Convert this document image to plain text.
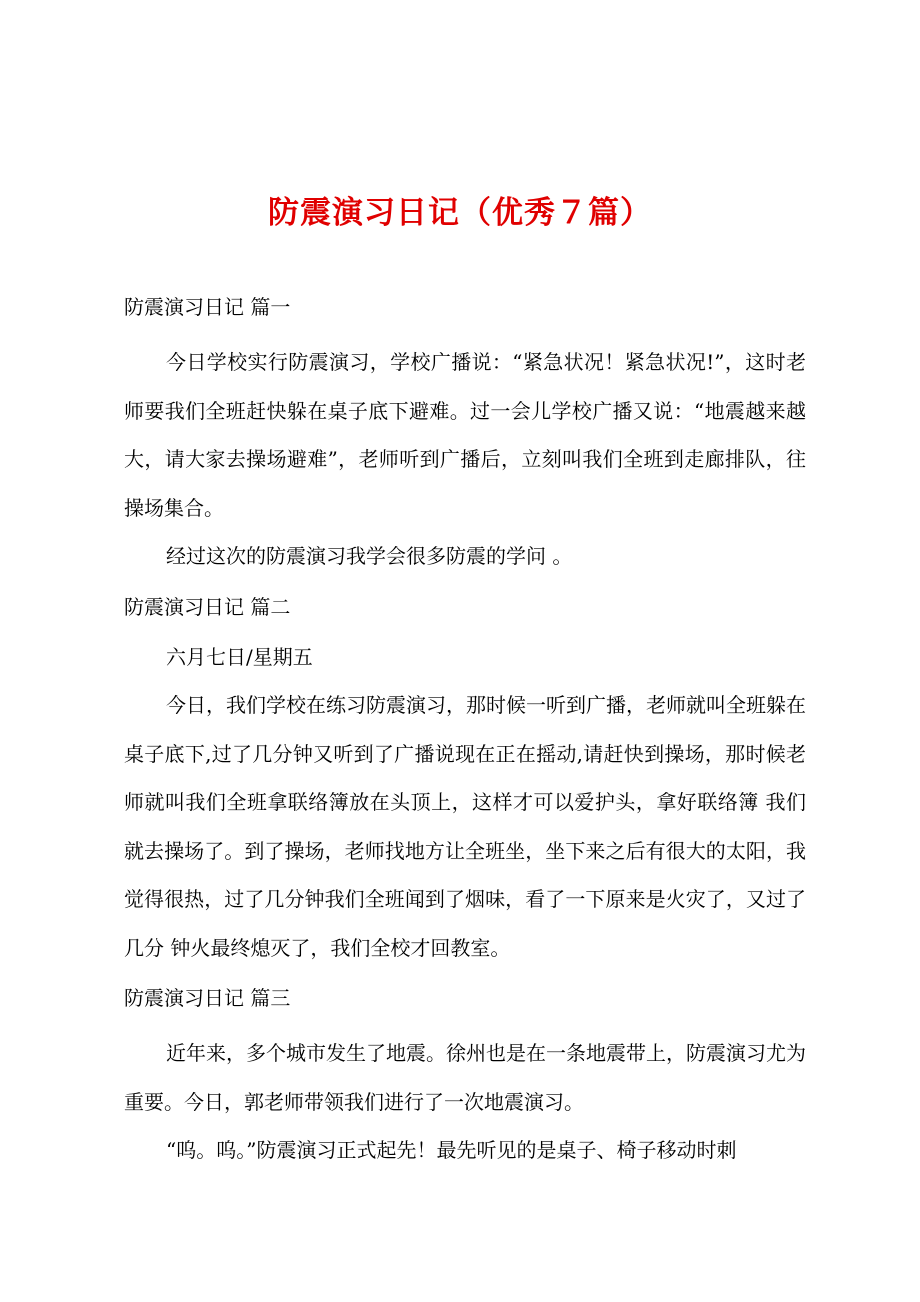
防震演习日记（优秀７篇）

防震演习日记 篇一

今日学校实行防震演习，学校广播说：“紧急状况！紧急状况!”，这时老师要我们全班赶快躲在桌子底下避难。过一会儿学校广播又说：“地震越来越大，请大家去操场避难”，老师听到广播后，立刻叫我们全班到走廊排队，往操场集合。

经过这次的防震演习我学会很多防震的学问 。

防震演习日记 篇二

六月七日/星期五

今日，我们学校在练习防震演习，那时候一听到广播，老师就叫全班躲在桌子底下,过了几分钟又听到了广播说现在正在摇动,请赶快到操场，那时候老 师就叫我们全班拿联络簿放在头顶上，这样才可以爱护头，拿好联络簿 我们就去操场了。到了操场，老师找地方让全班坐，坐下来之后有很大的太阳，我觉得很热，过了几分钟我们全班闻到了烟味，看了一下原来是火灾了，又过了几分 钟火最终熄灭了，我们全校才回教室。

防震演习日记 篇三

近年来，多个城市发生了地震。徐州也是在一条地震带上，防震演习尤为重要。今日，郭老师带领我们进行了一次地震演习。

“呜。呜。”防震演习正式起先！最先听见的是桌子、椅子移动时刺
